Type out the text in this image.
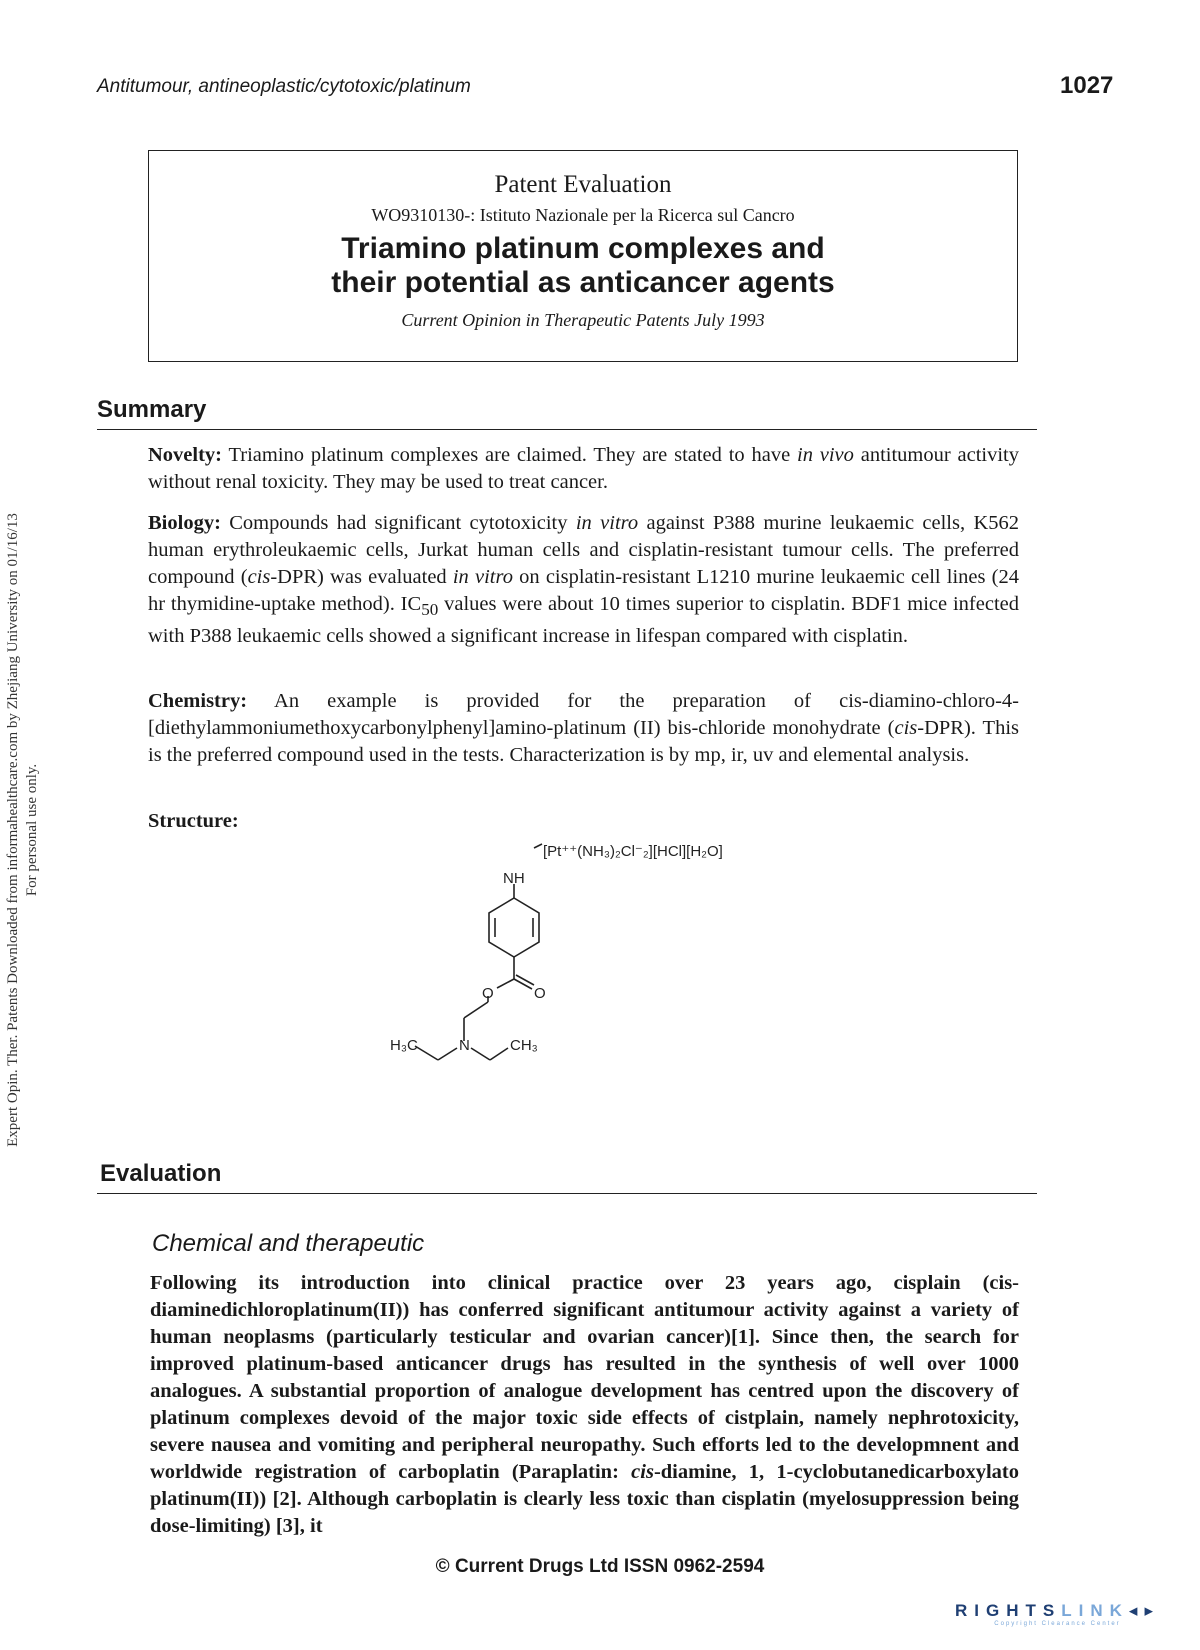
Antitumour, antineoplastic/cytotoxic/platinum	1027
Patent Evaluation
WO9310130-: Istituto Nazionale per la Ricerca sul Cancro
Triamino platinum complexes and
their potential as anticancer agents
Current Opinion in Therapeutic Patents July 1993
Summary
Novelty: Triamino platinum complexes are claimed. They are stated to have in vivo antitumour activity without renal toxicity. They may be used to treat cancer.
Biology: Compounds had significant cytotoxicity in vitro against P388 murine leukaemic cells, K562 human erythroleukaemic cells, Jurkat human cells and cisplatin-resistant tumour cells. The preferred compound (cis-DPR) was evaluated in vitro on cisplatin-resistant L1210 murine leukaemic cell lines (24 hr thymidine-uptake method). $IC_{50}$ values were about 10 times superior to cisplatin. BDF1 mice infected with P388 leukaemic cells showed a significant increase in lifespan compared with cisplatin.
Chemistry: An example is provided for the preparation of cis-diamino-chloro-4-[diethylammoniumethoxycarbonylphenyl]amino-platinum (II) bis-chloride monohydrate (cis-DPR). This is the preferred compound used in the tests. Characterization is by mp, ir, uv and elemental analysis.
Structure:
[Pt⁺⁺(NH₃)₂Cl⁻₂][HCl][H₂O]
NH
O	O
N
H₃C	CH₃
Evaluation
Chemical and therapeutic
Following its introduction into clinical practice over 23 years ago, cisplain (cis-diaminedichloroplatinum(II)) has conferred significant antitumour activity against a variety of human neoplasms (particularly testicular and ovarian cancer)[1]. Since then, the search for improved platinum-based anticancer drugs has resulted in the synthesis of well over 1000 analogues. A substantial proportion of analogue development has centred upon the discovery of platinum complexes devoid of the major toxic side effects of cistplain, namely nephrotoxicity, severe nausea and vomiting and peripheral neuropathy. Such efforts led to the developmnent and worldwide registration of carboplatin (Paraplatin: cis-diamine, 1, 1-cyclobutanedicarboxylato platinum(II)) [2]. Although carboplatin is clearly less toxic than cisplatin (myelosuppression being dose-limiting) [3], it
© Current Drugs Ltd ISSN 0962-2594
Expert Opin. Ther. Patents Downloaded from informahealthcare.com by Zhejiang University on 01/16/13 For personal use only.
RIGHTSLINK◂▸
Copyright Clearance Center
